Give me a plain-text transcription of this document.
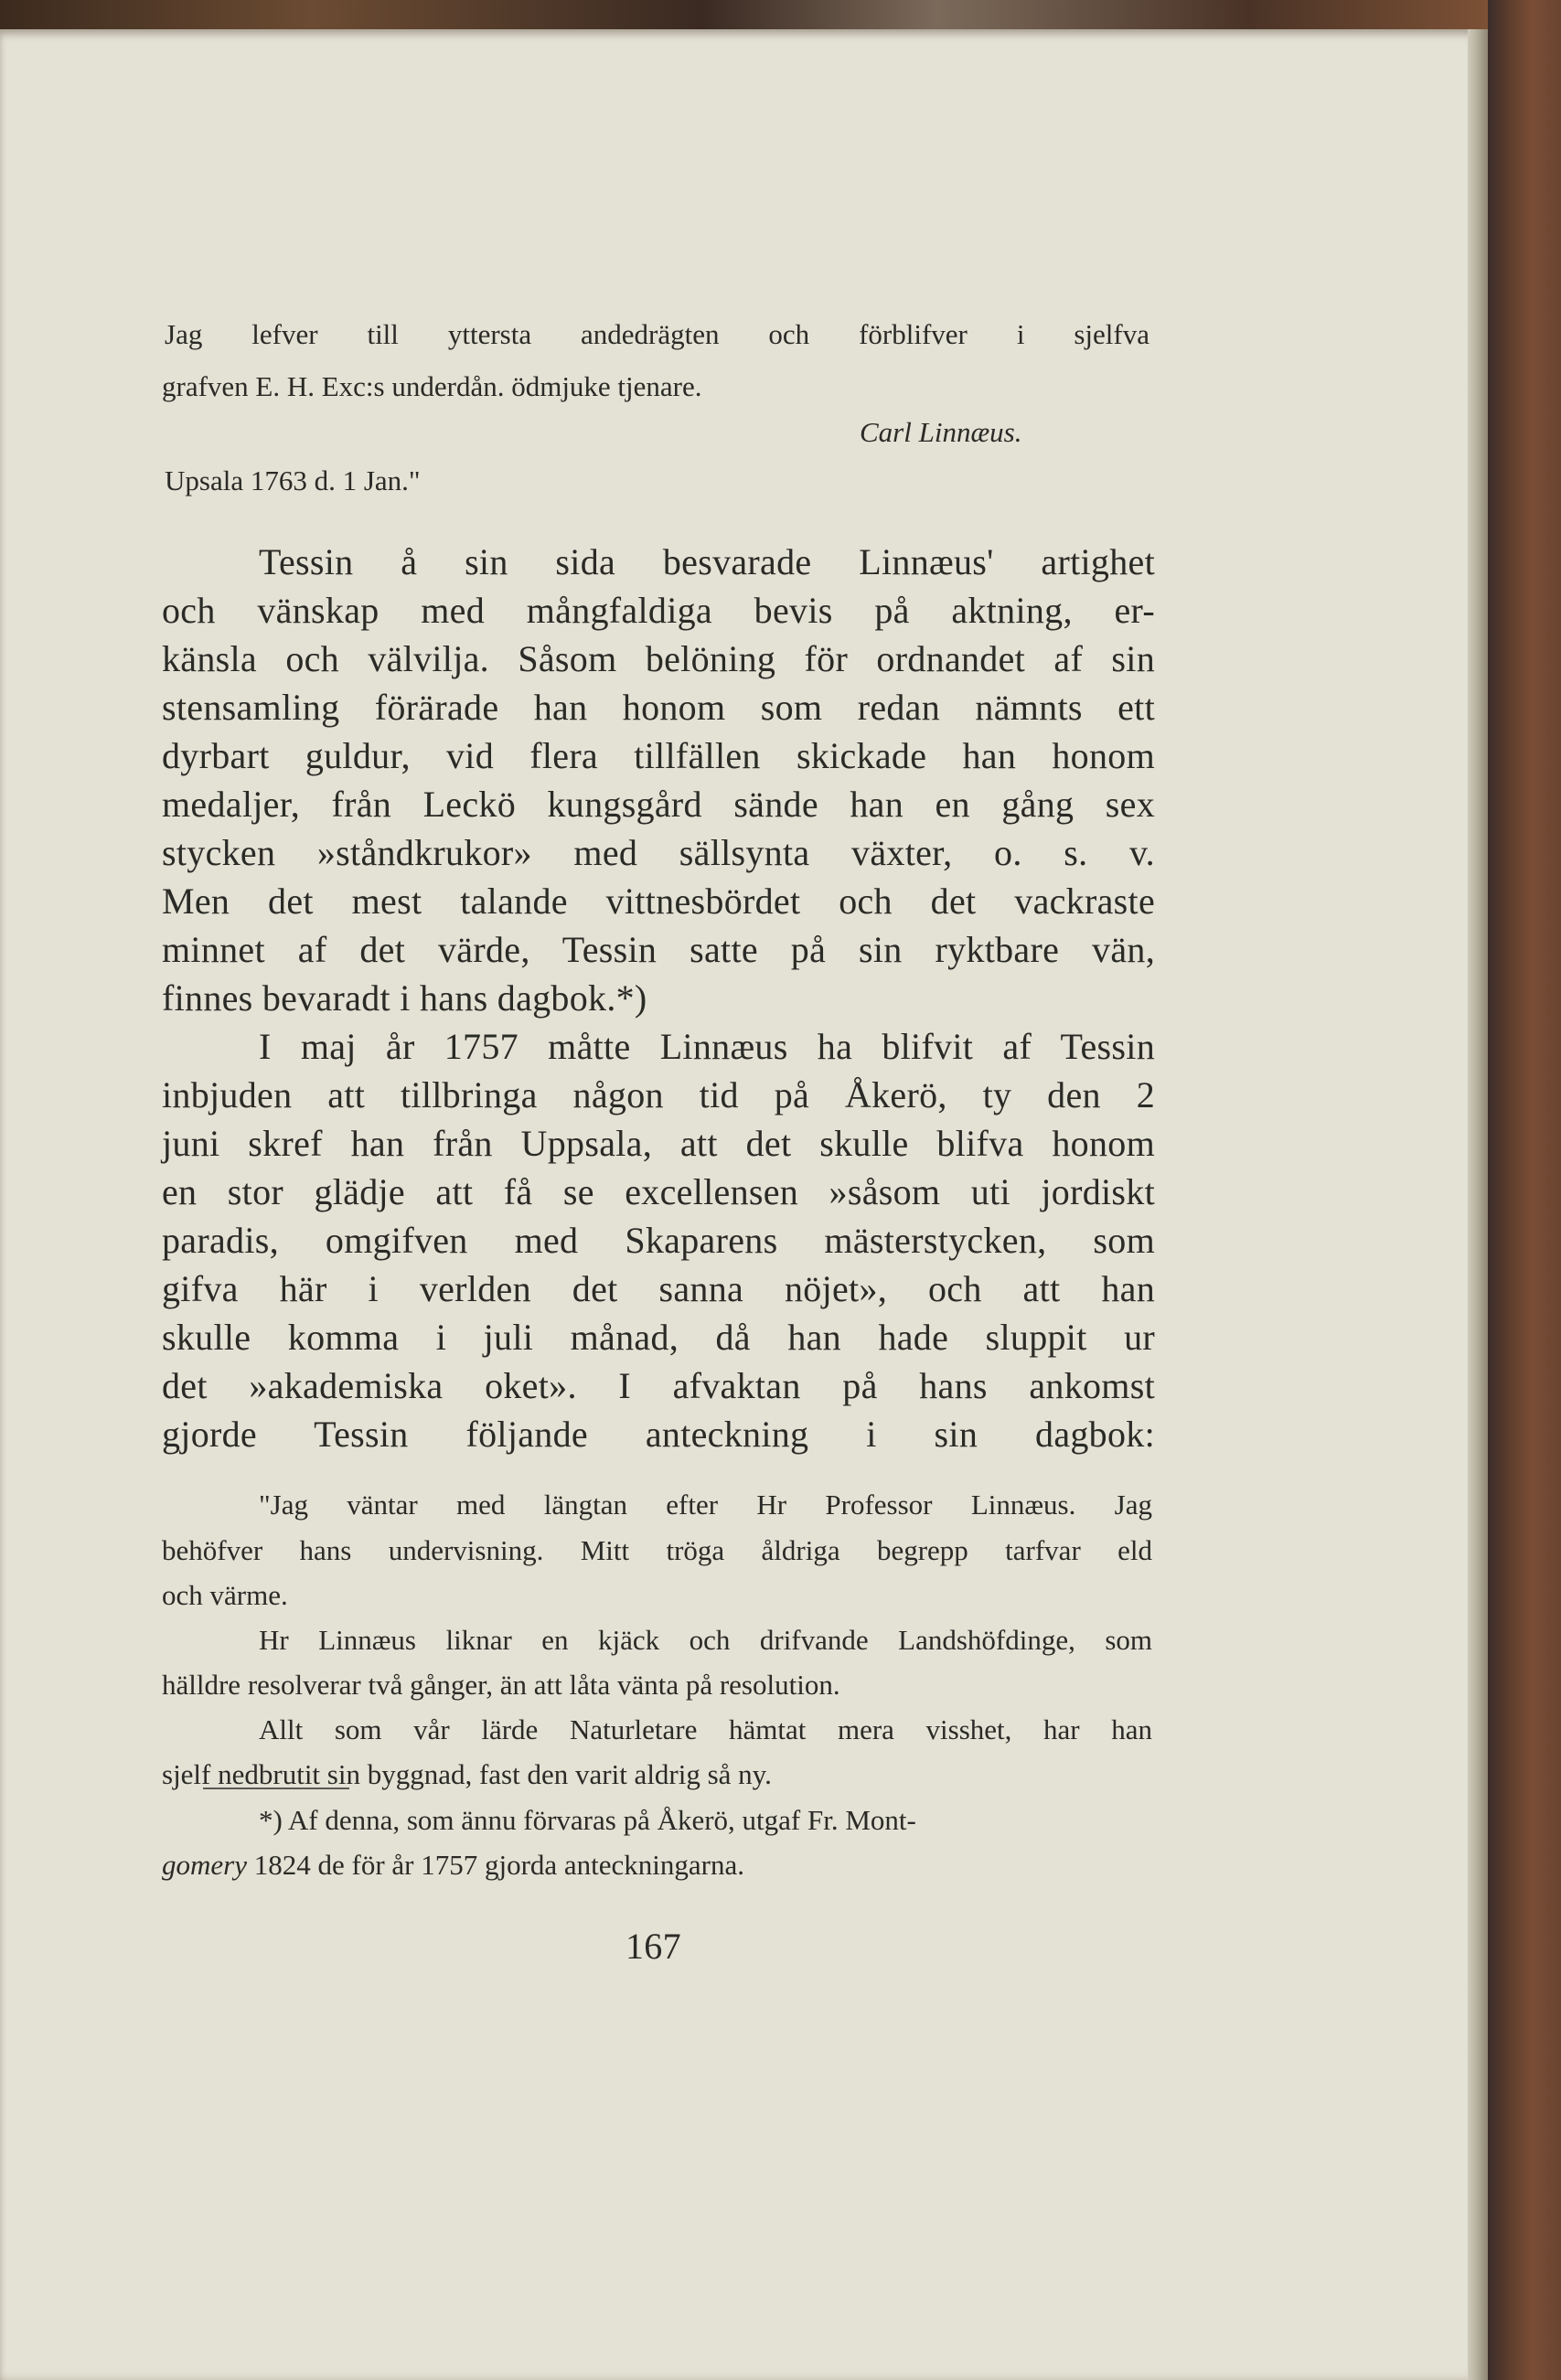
Jag lefver till yttersta andedrägten och förblifver i sjelfva

grafven E. H. Exc:s underdån. ödmjuke tjenare.

Carl Linnæus.

Upsala 1763 d. 1 Jan."

Tessin å sin sida besvarade Linnæus' artighet

och vänskap med mångfaldiga bevis på aktning, er-

känsla och välvilja. Såsom belöning för ordnandet af sin

stensamling förärade han honom som redan nämnts ett

dyrbart guldur, vid flera tillfällen skickade han honom

medaljer, från Leckö kungsgård sände han en gång sex

stycken »ståndkrukor» med sällsynta växter, o. s. v.

Men det mest talande vittnesbördet och det vackraste

minnet af det värde, Tessin satte på sin ryktbare vän,

finnes bevaradt i hans dagbok.*)

I maj år 1757 måtte Linnæus ha blifvit af Tessin

inbjuden att tillbringa någon tid på Åkerö, ty den 2

juni skref han från Uppsala, att det skulle blifva honom

en stor glädje att få se excellensen »såsom uti jordiskt

paradis, omgifven med Skaparens mästerstycken, som

gifva här i verlden det sanna nöjet», och att han

skulle komma i juli månad, då han hade sluppit ur

det »akademiska oket». I afvaktan på hans ankomst

gjorde Tessin följande anteckning i sin dagbok:

"Jag väntar med längtan efter Hr Professor Linnæus. Jag

behöfver hans undervisning. Mitt tröga åldriga begrepp tarfvar eld

och värme.

Hr Linnæus liknar en kjäck och drifvande Landshöfdinge, som

hälldre resolverar två gånger, än att låta vänta på resolution.

Allt som vår lärde Naturletare hämtat mera visshet, har han

sjelf nedbrutit sin byggnad, fast den varit aldrig så ny.

*) Af denna, som ännu förvaras på Åkerö, utgaf Fr. Mont-

gomery 1824 de för år 1757 gjorda anteckningarna.

167
